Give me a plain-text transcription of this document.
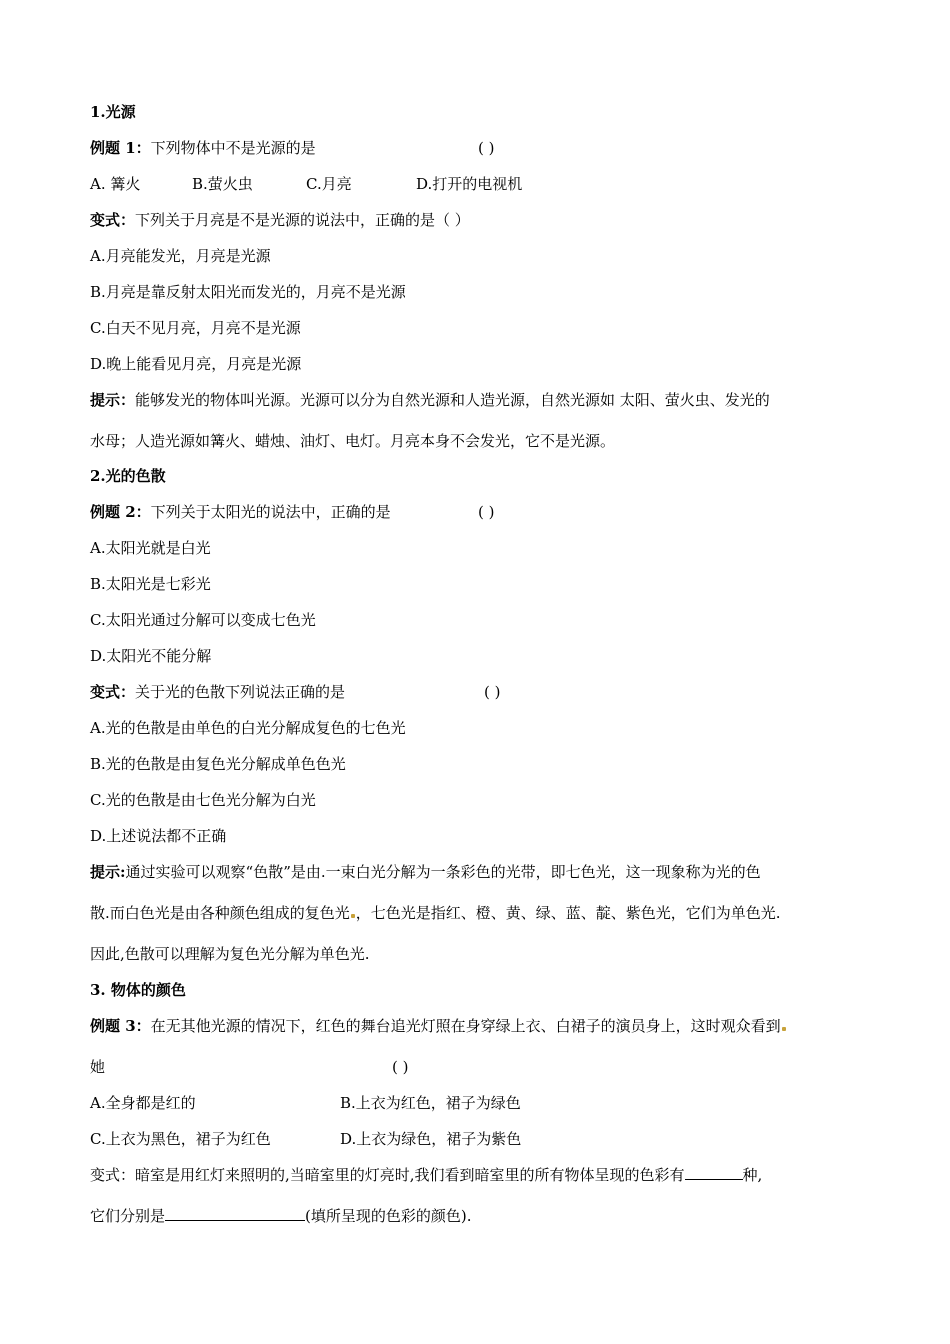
1.光源
例题 1：下列物体中不是光源的是	( )
A. 篝火	B.萤火虫	C.月亮	D.打开的电视机
变式：下列关于月亮是不是光源的说法中，正确的是（ ）
A.月亮能发光，月亮是光源
B.月亮是靠反射太阳光而发光的，月亮不是光源
C.白天不见月亮，月亮不是光源
D.晚上能看见月亮，月亮是光源
提示：能够发光的物体叫光源。光源可以分为自然光源和人造光源，自然光源如 太阳、萤火虫、发光的
水母；人造光源如篝火、蜡烛、油灯、电灯。月亮本身不会发光，它不是光源。
2.光的色散
例题 2：下列关于太阳光的说法中，正确的是	( )
A.太阳光就是白光
B.太阳光是七彩光
C.太阳光通过分解可以变成七色光
D.太阳光不能分解
变式：关于光的色散下列说法正确的是	( )
A.光的色散是由单色的白光分解成复色的七色光
B.光的色散是由复色光分解成单色色光
C.光的色散是由七色光分解为白光
D.上述说法都不正确
提示:通过实验可以观察“色散”是由.一束白光分解为一条彩色的光带，即七色光，这一现象称为光的色
散.而白色光是由各种颜色组成的复色光 ，七色光是指红、橙、黄、绿、蓝、靛、紫色光，它们为单色光.
因此,色散可以理解为复色光分解为单色光.
3. 物体的颜色
例题 3：在无其他光源的情况下，红色的舞台追光灯照在身穿绿上衣、白裙子的演员身上，这时观众看到
她	( )
A.全身都是红的	B.上衣为红色，裙子为绿色
C.上衣为黑色，裙子为红色	D.上衣为绿色，裙子为紫色
变式：暗室是用红灯来照明的,当暗室里的灯亮时,我们看到暗室里的所有物体呈现的色彩有	种,
它们分别是	(填所呈现的色彩的颜色).
